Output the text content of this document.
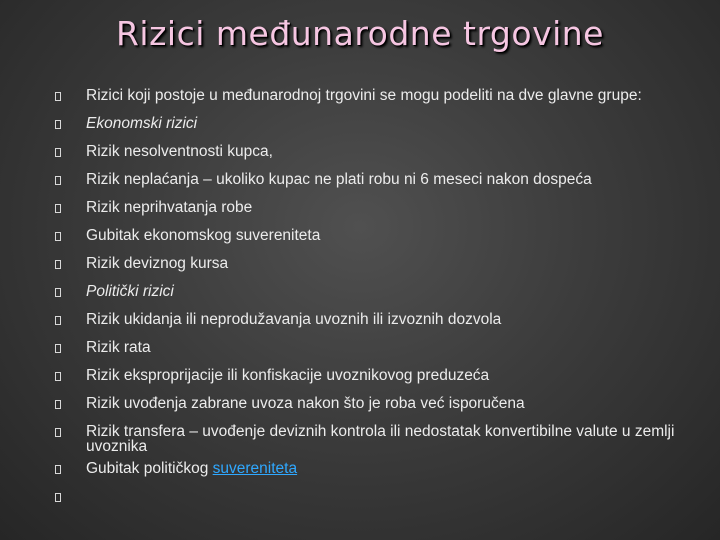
Rizici međunarodne trgovine
Rizici koji postoje u međunarodnoj trgovini se mogu podeliti na dve glavne grupe:
Ekonomski rizici
Rizik nesolventnosti kupca,
Rizik neplaćanja – ukoliko kupac ne plati robu ni 6 meseci nakon dospeća
Rizik neprihvatanja robe
Gubitak ekonomskog suvereniteta
Rizik deviznog kursa
Politički rizici
Rizik ukidanja ili neprodužavanja uvoznih ili izvoznih dozvola
Rizik rata
Rizik eksproprijacije ili konfiskacije uvoznikovog preduzeća
Rizik uvođenja zabrane uvoza nakon što je roba već isporučena
Rizik transfera – uvođenje deviznih kontrola ili nedostatak konvertibilne valute u zemlji uvoznika
Gubitak političkog suvereniteta
